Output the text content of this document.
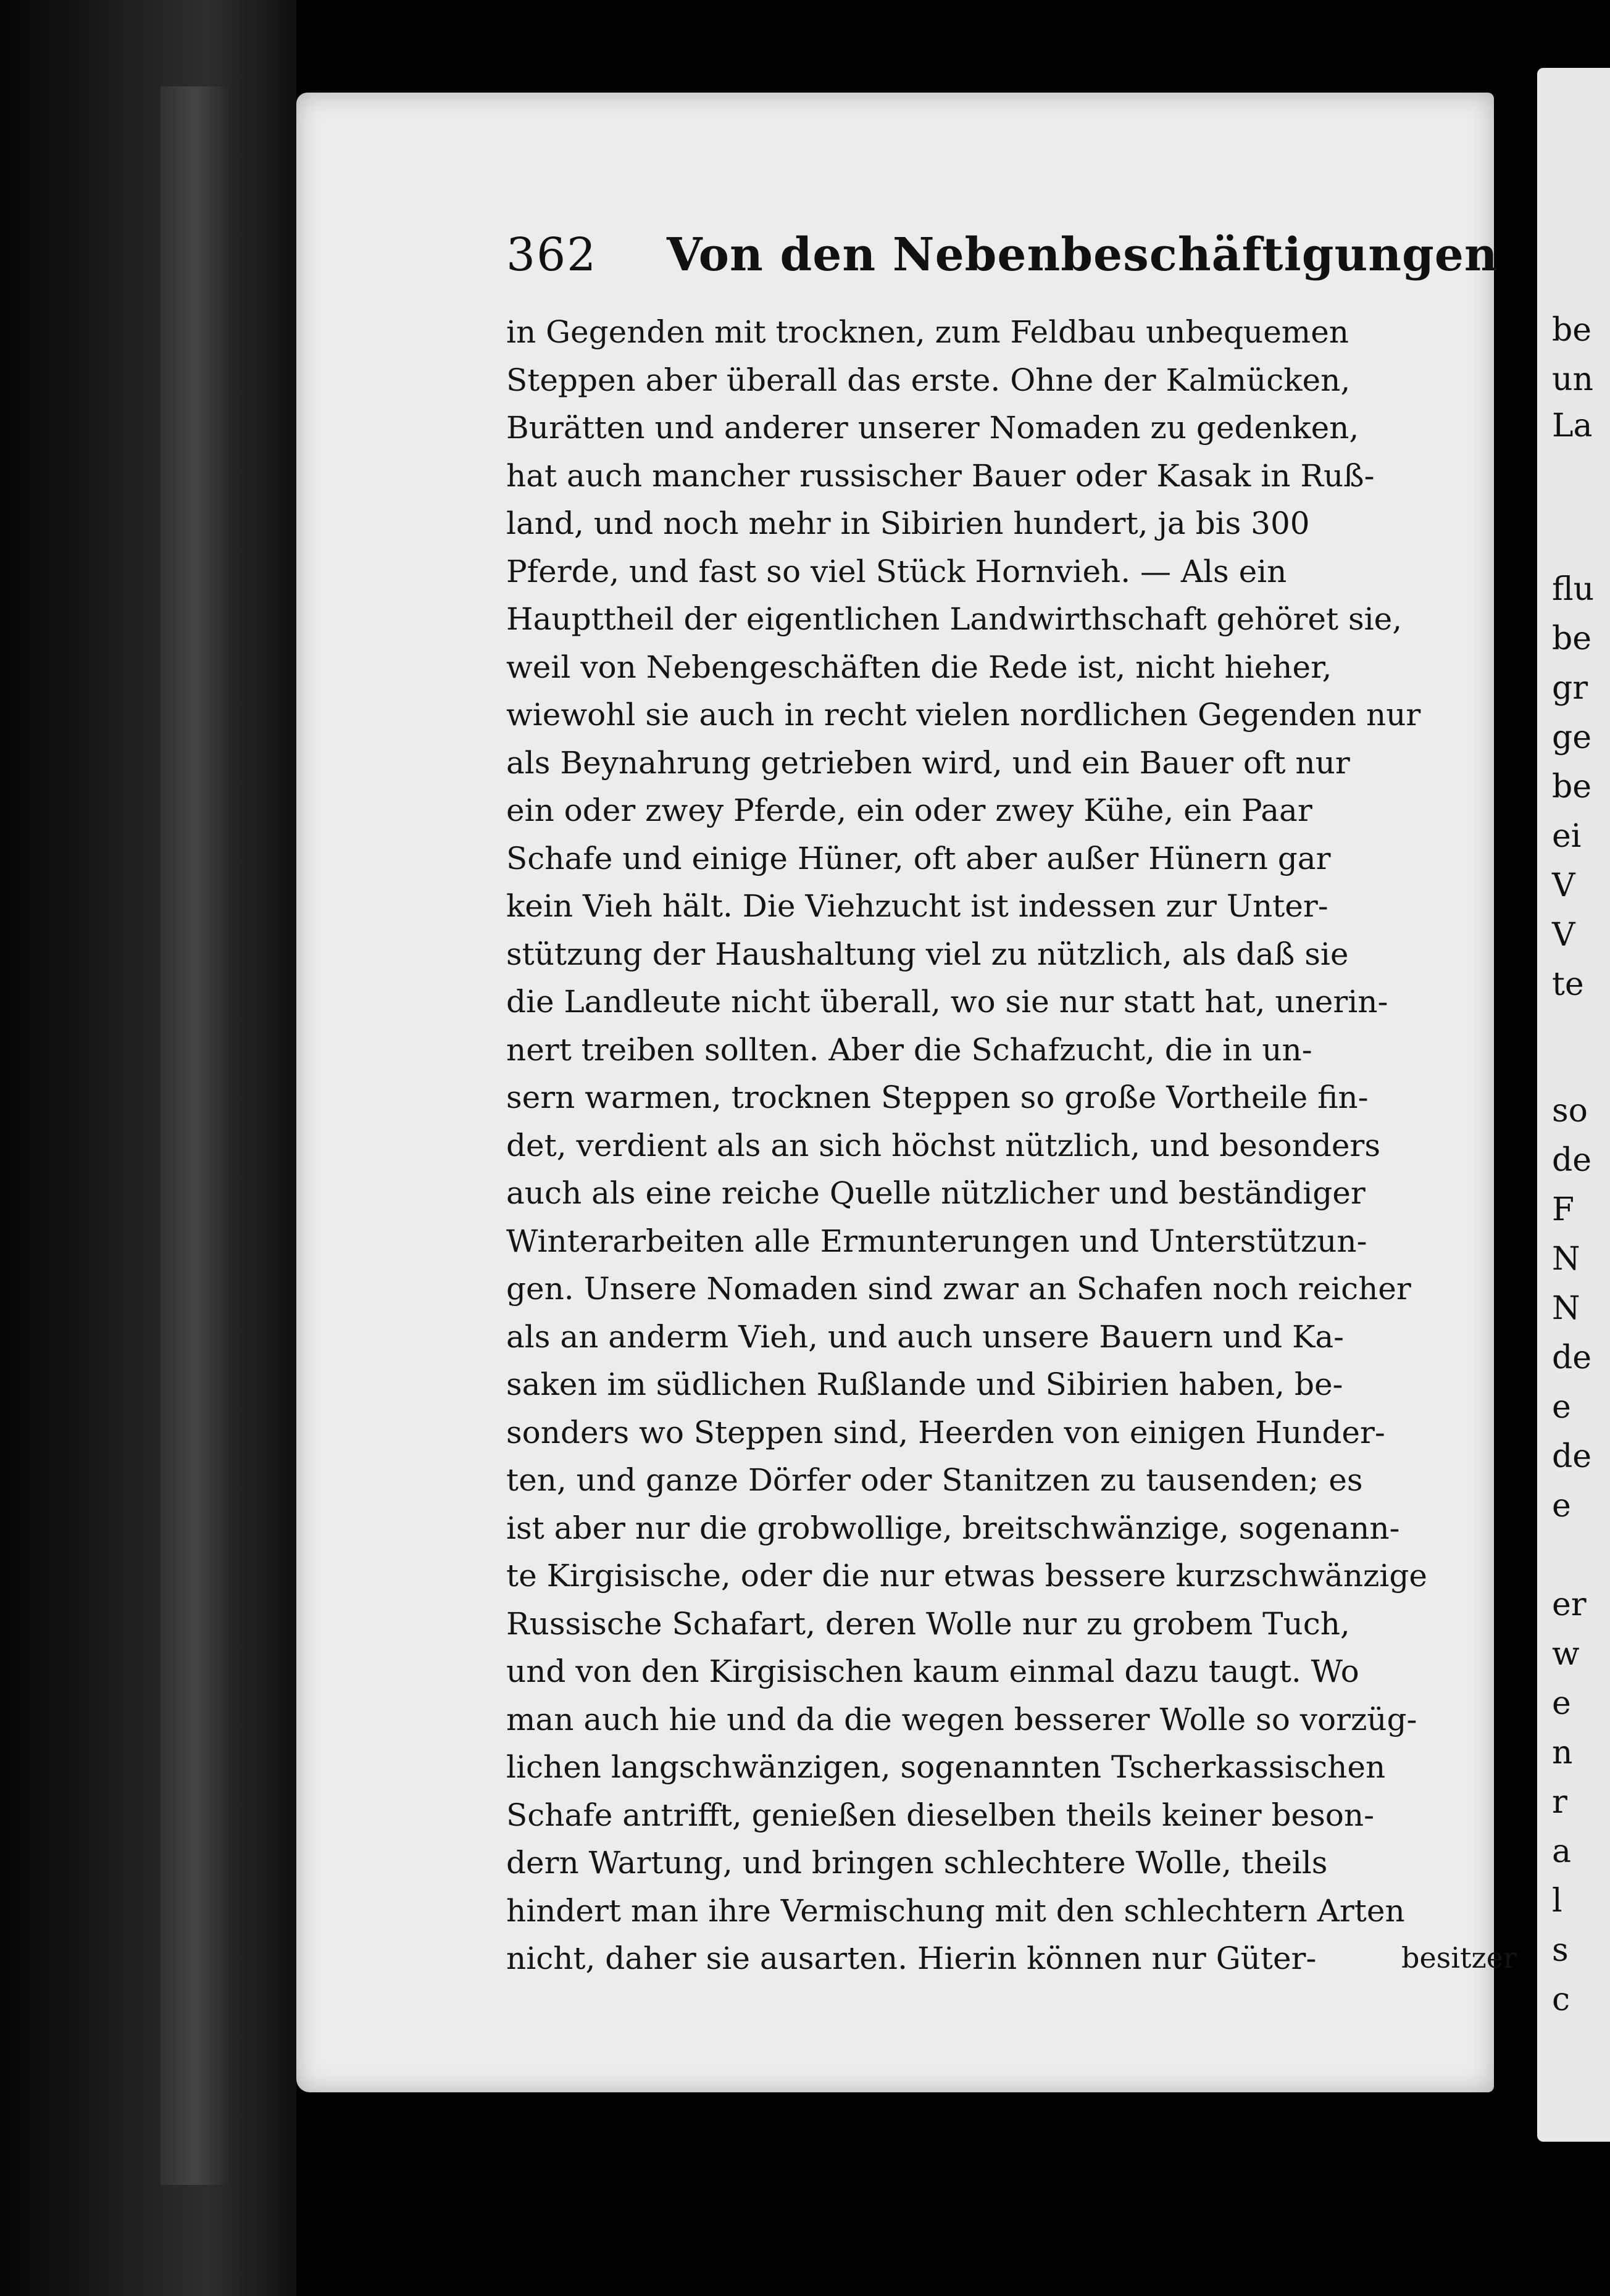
be
un
La
flu
be
gr
ge
be
ei
V
V
te
so
de
F
N
N
de
e
de
e
er
w
e
n
r
a
l
s
c
362 Von den Nebenbeschäftigungen
in Gegenden mit trocknen, zum Feldbau unbequemen
Steppen aber überall das erste. Ohne der Kalmücken,
Burätten und anderer unserer Nomaden zu gedenken,
hat auch mancher russischer Bauer oder Kasak in Ruß-
land, und noch mehr in Sibirien hundert, ja bis 300
Pferde, und fast so viel Stück Hornvieh. — Als ein
Haupttheil der eigentlichen Landwirthschaft gehöret sie,
weil von Nebengeschäften die Rede ist, nicht hieher,
wiewohl sie auch in recht vielen nordlichen Gegenden nur
als Beynahrung getrieben wird, und ein Bauer oft nur
ein oder zwey Pferde, ein oder zwey Kühe, ein Paar
Schafe und einige Hüner, oft aber außer Hünern gar
kein Vieh hält. Die Viehzucht ist indessen zur Unter-
stützung der Haushaltung viel zu nützlich, als daß sie
die Landleute nicht überall, wo sie nur statt hat, unerin-
nert treiben sollten. Aber die Schafzucht, die in un-
sern warmen, trocknen Steppen so große Vortheile fin-
det, verdient als an sich höchst nützlich, und besonders
auch als eine reiche Quelle nützlicher und beständiger
Winterarbeiten alle Ermunterungen und Unterstützun-
gen. Unsere Nomaden sind zwar an Schafen noch reicher
als an anderm Vieh, und auch unsere Bauern und Ka-
saken im südlichen Rußlande und Sibirien haben, be-
sonders wo Steppen sind, Heerden von einigen Hunder-
ten, und ganze Dörfer oder Stanitzen zu tausenden; es
ist aber nur die grobwollige, breitschwänzige, sogenann-
te Kirgisische, oder die nur etwas bessere kurzschwänzige
Russische Schafart, deren Wolle nur zu grobem Tuch,
und von den Kirgisischen kaum einmal dazu taugt. Wo
man auch hie und da die wegen besserer Wolle so vorzüg-
lichen langschwänzigen, sogenannten Tscherkassischen
Schafe antrifft, genießen dieselben theils keiner beson-
dern Wartung, und bringen schlechtere Wolle, theils
hindert man ihre Vermischung mit den schlechtern Arten
nicht, daher sie ausarten. Hierin können nur Güter-	besitzer
